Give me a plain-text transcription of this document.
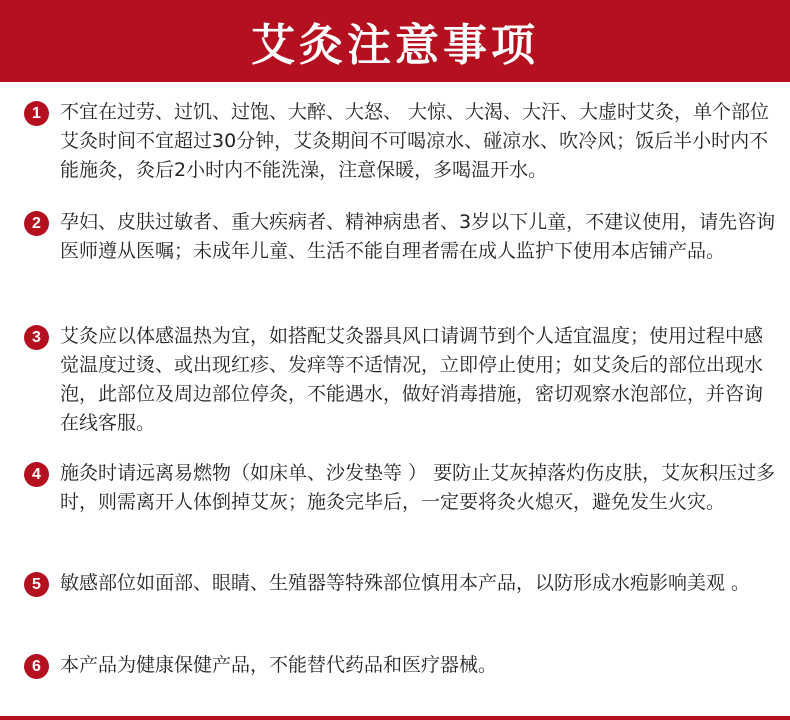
艾灸注意事项
1	不宜在过劳、过饥、过饱、大醉、大怒、 大惊、大渴、大汗、大虚时艾灸，单个部位艾灸时间不宜超过30分钟，艾灸期间不可喝凉水、碰凉水、吹冷风；饭后半小时内不能施灸，灸后2小时内不能洗澡，注意保暖，多喝温开水。

2	孕妇、皮肤过敏者、重大疾病者、精神病患者、3岁以下儿童，不建议使用，请先咨询医师遵从医嘱；未成年儿童、生活不能自理者需在成人监护下使用本店铺产品。

3	艾灸应以体感温热为宜，如搭配艾灸器具风口请调节到个人适宜温度；使用过程中感觉温度过烫、或出现红疹、发痒等不适情况，立即停止使用；如艾灸后的部位出现水泡，此部位及周边部位停灸，不能遇水，做好消毒措施，密切观察水泡部位，并咨询在线客服。

4	施灸时请远离易燃物（如床单、沙发垫等 ） 要防止艾灰掉落灼伤皮肤，艾灰积压过多时，则需离开人体倒掉艾灰；施灸完毕后，一定要将灸火熄灭，避免发生火灾。

5	敏感部位如面部、眼睛、生殖器等特殊部位慎用本产品，以防形成水疱影响美观 。

6	本产品为健康保健产品，不能替代药品和医疗器械。
